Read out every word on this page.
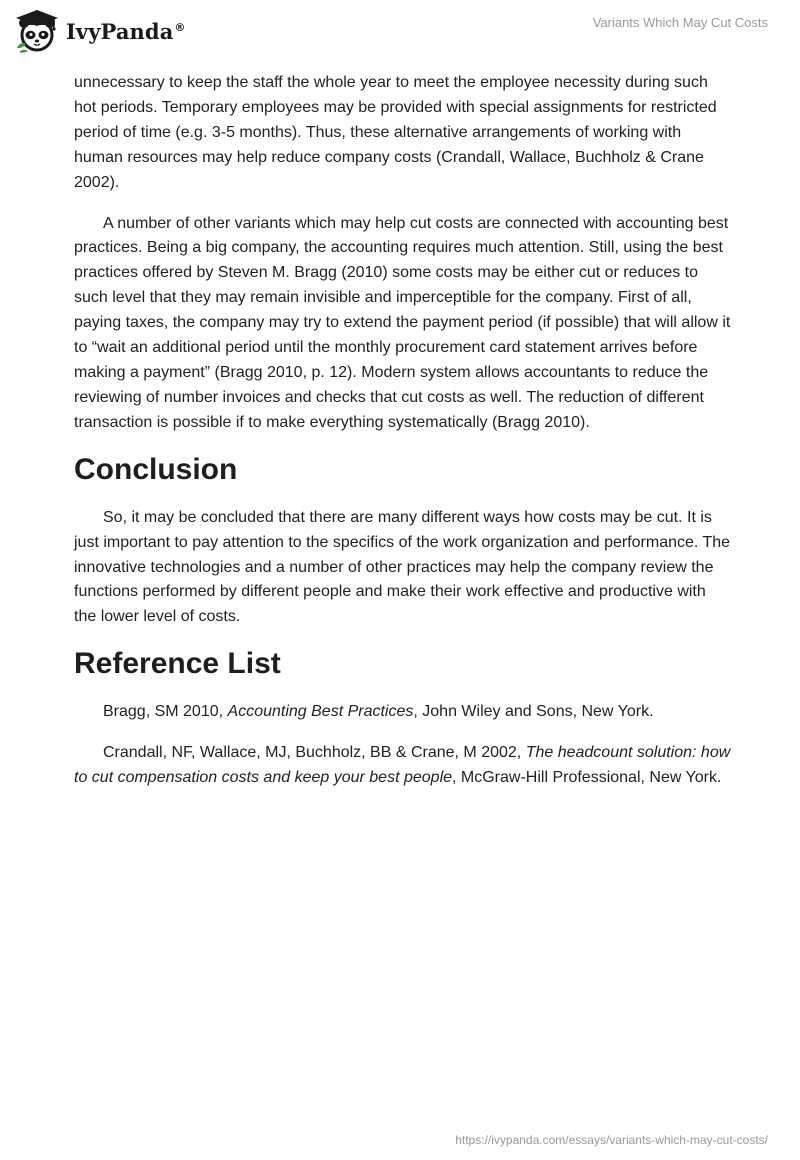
IvyPanda®	Variants Which May Cut Costs

unnecessary to keep the staff the whole year to meet the employee necessity during such hot periods. Temporary employees may be provided with special assignments for restricted period of time (e.g. 3-5 months). Thus, these alternative arrangements of working with human resources may help reduce company costs (Crandall, Wallace, Buchholz & Crane 2002).

A number of other variants which may help cut costs are connected with accounting best practices. Being a big company, the accounting requires much attention. Still, using the best practices offered by Steven M. Bragg (2010) some costs may be either cut or reduces to such level that they may remain invisible and imperceptible for the company. First of all, paying taxes, the company may try to extend the payment period (if possible) that will allow it to “wait an additional period until the monthly procurement card statement arrives before making a payment” (Bragg 2010, p. 12). Modern system allows accountants to reduce the reviewing of number invoices and checks that cut costs as well. The reduction of different transaction is possible if to make everything systematically (Bragg 2010).

Conclusion

So, it may be concluded that there are many different ways how costs may be cut. It is just important to pay attention to the specifics of the work organization and performance. The innovative technologies and a number of other practices may help the company review the functions performed by different people and make their work effective and productive with the lower level of costs.

Reference List

Bragg, SM 2010, Accounting Best Practices, John Wiley and Sons, New York.

Crandall, NF, Wallace, MJ, Buchholz, BB & Crane, M 2002, The headcount solution: how to cut compensation costs and keep your best people, McGraw-Hill Professional, New York.

https://ivypanda.com/essays/variants-which-may-cut-costs/
